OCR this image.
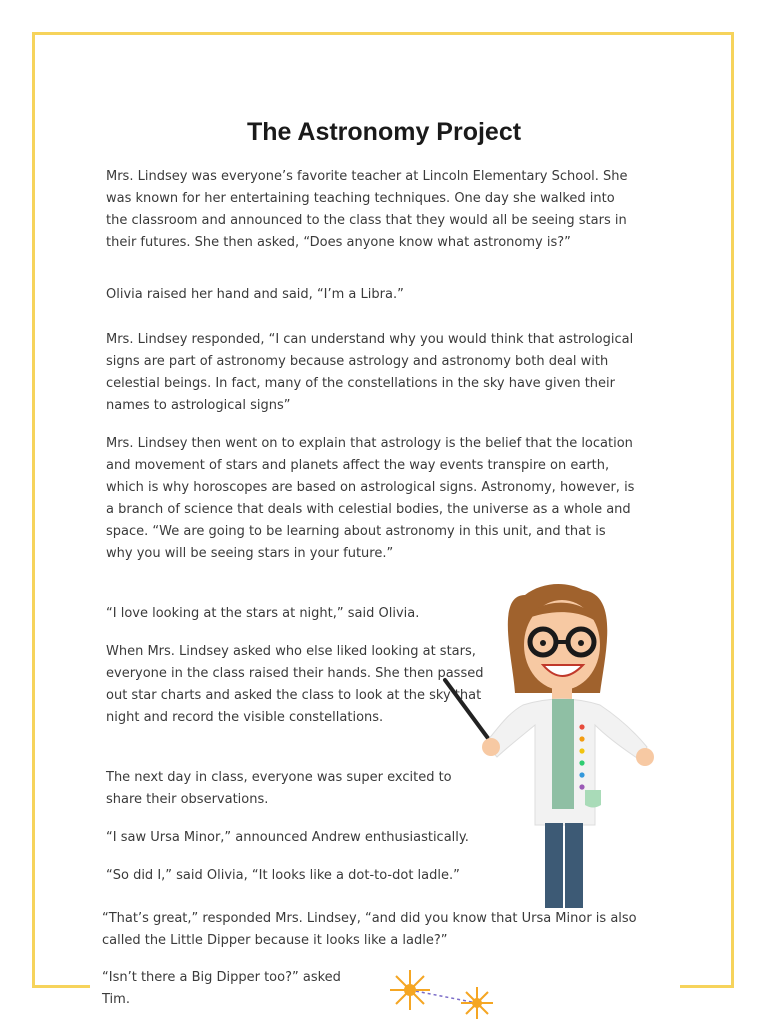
The Astronomy Project

Mrs. Lindsey was everyone’s favorite teacher at Lincoln Elementary School. She was known for her entertaining teaching techniques. One day she walked into the classroom and announced to the class that they would all be seeing stars in their futures. She then asked, “Does anyone know what astronomy is?”

Olivia raised her hand and said, “I’m a Libra.”

Mrs. Lindsey responded, “I can understand why you would think that astrological signs are part of astronomy because astrology and astronomy both deal with celestial beings. In fact, many of the constellations in the sky have given their names to astrological signs”

Mrs. Lindsey then went on to explain that astrology is the belief that the location and movement of stars and planets affect the way events transpire on earth, which is why horoscopes are based on astrological signs. Astronomy, however, is a branch of science that deals with celestial bodies, the universe as a whole and space. “We are going to be learning about astronomy in this unit, and that is why you will be seeing stars in your future.”

“I love looking at the stars at night,” said Olivia.

When Mrs. Lindsey asked who else liked looking at stars, everyone in the class raised their hands. She then passed out star charts and asked the class to look at the sky that night and record the visible constellations.

The next day in class, everyone was super excited to share their observations.

“I saw Ursa Minor,” announced Andrew enthusiastically.

“So did I,” said Olivia, “It looks like a dot-to-dot ladle.”

“That’s great,” responded Mrs. Lindsey, “and did you know that Ursa Minor is also called the Little Dipper because it looks like a ladle?”

“Isn’t there a Big Dipper too?” asked Tim.
